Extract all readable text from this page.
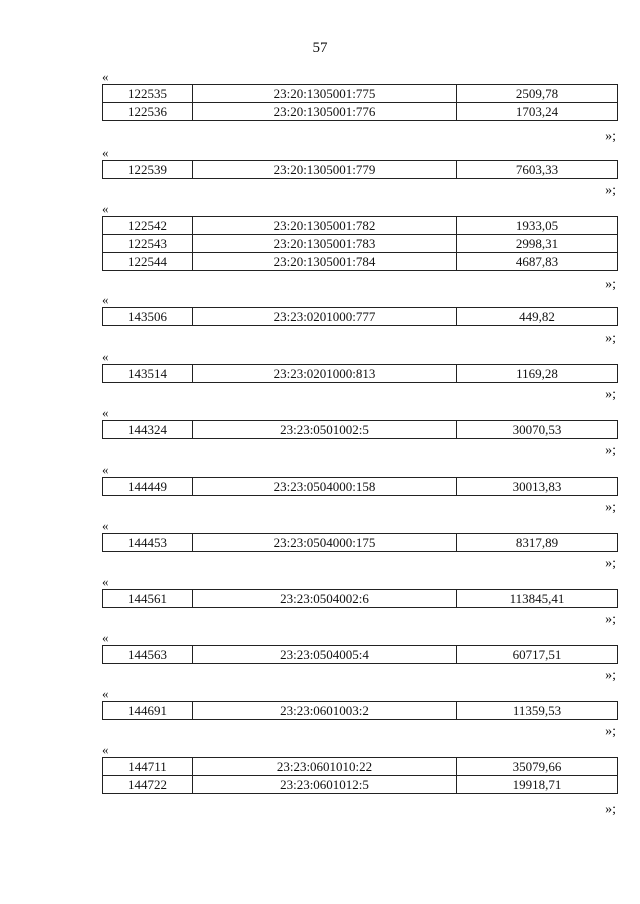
57
«
122535	23:20:1305001:775	2509,78
122536	23:20:1305001:776	1703,24
»;
«
122539	23:20:1305001:779	7603,33
»;
«
122542	23:20:1305001:782	1933,05
122543	23:20:1305001:783	2998,31
122544	23:20:1305001:784	4687,83
»;
«
143506	23:23:0201000:777	449,82
»;
«
143514	23:23:0201000:813	1169,28
»;
«
144324	23:23:0501002:5	30070,53
»;
«
144449	23:23:0504000:158	30013,83
»;
«
144453	23:23:0504000:175	8317,89
»;
«
144561	23:23:0504002:6	113845,41
»;
«
144563	23:23:0504005:4	60717,51
»;
«
144691	23:23:0601003:2	11359,53
»;
«
144711	23:23:0601010:22	35079,66
144722	23:23:0601012:5	19918,71
»;
